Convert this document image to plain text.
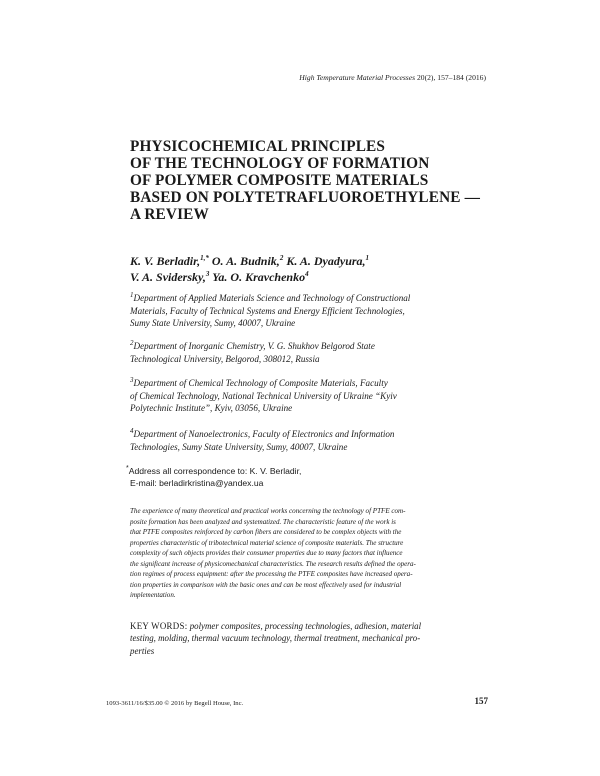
High Temperature Material Processes 20(2), 157–184 (2016)
PHYSICOCHEMICAL PRINCIPLES
OF THE TECHNOLOGY OF FORMATION
OF POLYMER COMPOSITE MATERIALS
BASED ON POLYTETRAFLUOROETHYLENE —
A REVIEW
K. V. Berladir,$^{1,*}$ O. A. Budnik,$^2$ K. A. Dyadyura,$^1$
V. A. Svidersky,$^3$ Ya. O. Kravchenko$^4$
$^1$Department of Applied Materials Science and Technology of Constructional
Materials, Faculty of Technical Systems and Energy Efficient Technologies,
Sumy State University, Sumy, 40007, Ukraine
$^2$Department of Inorganic Chemistry, V. G. Shukhov Belgorod State
Technological University, Belgorod, 308012, Russia
$^3$Department of Chemical Technology of Composite Materials, Faculty
of Chemical Technology, National Technical University of Ukraine “Kyiv
Polytechnic Institute”, Kyiv, 03056, Ukraine
$^4$Department of Nanoelectronics, Faculty of Electronics and Information
Technologies, Sumy State University, Sumy, 40007, Ukraine
*Address all correspondence to: K. V. Berladir,
E-mail: berladirkristina@yandex.ua
The experience of many theoretical and practical works concerning the technology of PTFE com-
posite formation has been analyzed and systematized. The characteristic feature of the work is
that PTFE composites reinforced by carbon fibers are considered to be complex objects with the
properties characteristic of tribotechnical material science of composite materials. The structure
complexity of such objects provides their consumer properties due to many factors that influence
the significant increase of physicomechanical characteristics. The research results defined the opera-
tion regimes of process equipment: after the processing the PTFE composites have increased opera-
tion properties in comparison with the basic ones and can be most effectively used for industrial
implementation.
KEY WORDS: polymer composites, processing technologies, adhesion, material
testing, molding, thermal vacuum technology, thermal treatment, mechanical pro-
perties
1093-3611/16/$35.00 © 2016 by Begell House, Inc.	157
